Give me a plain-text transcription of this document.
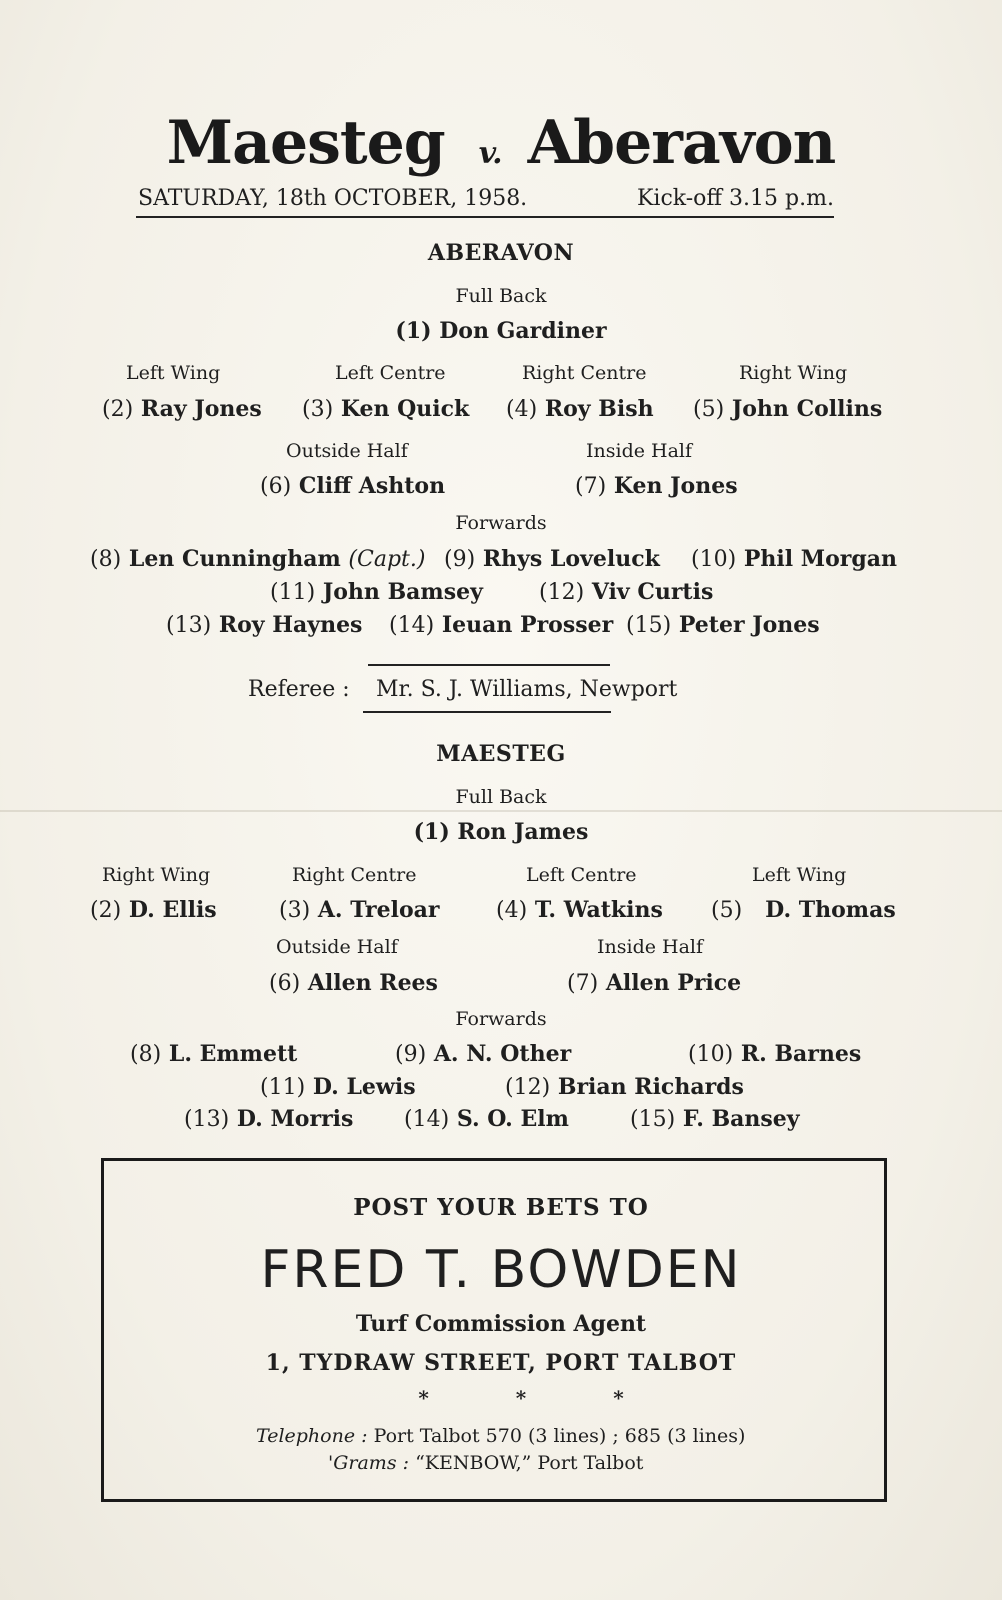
Maesteg v. Aberavon
SATURDAY, 18th OCTOBER, 1958.	Kick-off 3.15 p.m.
ABERAVON
Full Back
(1) Don Gardiner
Left Wing	Left Centre	Right Centre	Right Wing
(2) Ray Jones (3) Ken Quick (4) Roy Bish (5) John Collins
Outside Half	Inside Half
(6) Cliff Ashton	(7) Ken Jones
Forwards
(8) Len Cunningham (Capt.) (9) Rhys Loveluck (10) Phil Morgan
(11) John Bamsey	(12) Viv Curtis
(13) Roy Haynes (14) Ieuan Prosser (15) Peter Jones
Referee : Mr. S. J. Williams, Newport
MAESTEG
Full Back
(1) Ron James
Right Wing	Right Centre	Left Centre	Left Wing
(2) D. Ellis	(3) A. Treloar	(4) T. Watkins (5) D. Thomas
Outside Half	Inside Half
(6) Allen Rees	(7) Allen Price
Forwards
(8) L. Emmett	(9) A. N. Other	(10) R. Barnes
(11) D. Lewis	(12) Brian Richards
(13) D. Morris (14) S. O. Elm	(15) F. Bansey
POST YOUR BETS TO
FRED T. BOWDEN
Turf Commission Agent
1, TYDRAW STREET, PORT TALBOT
* * *
Telephone : Port Talbot 570 (3 lines) ; 685 (3 lines)
'Grams : “KENBOW,” Port Talbot
